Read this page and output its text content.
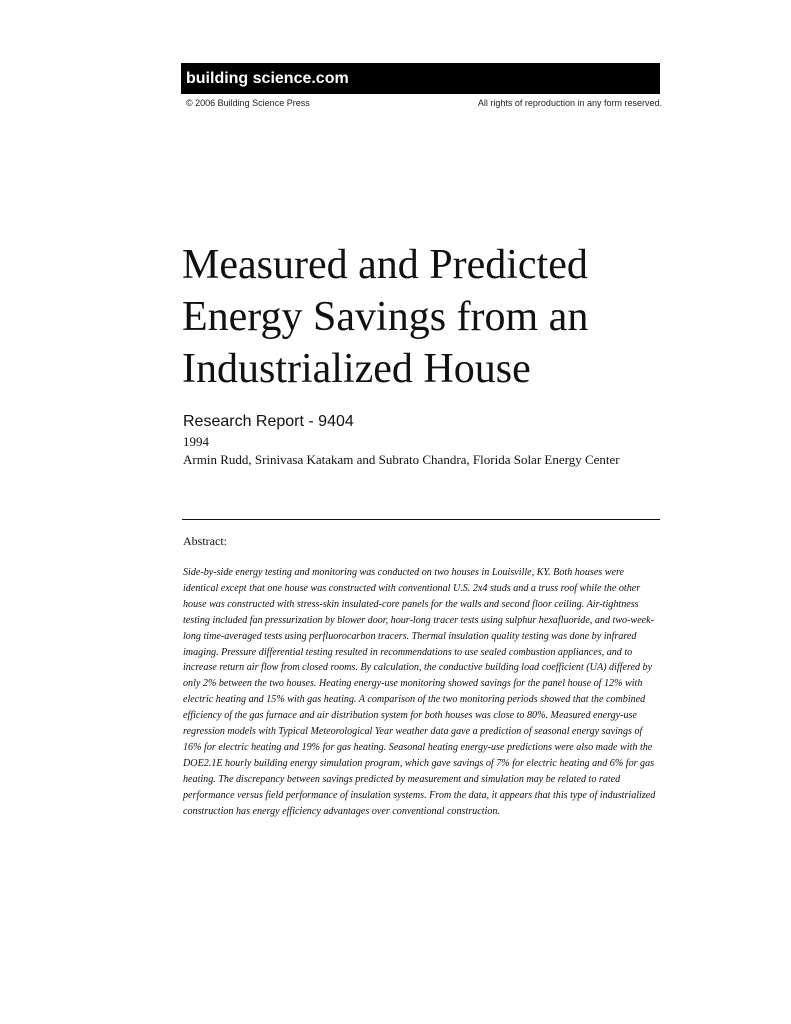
building science.com
© 2006 Building Science Press	All rights of reproduction in any form reserved.
Measured and Predicted Energy Savings from an Industrialized House
Research Report - 9404
1994
Armin Rudd, Srinivasa Katakam and Subrato Chandra, Florida Solar Energy Center
Abstract:

Side-by-side energy testing and monitoring was conducted on two houses in Louisville, KY. Both houses were identical except that one house was constructed with conventional U.S. 2x4 studs and a truss roof while the other house was constructed with stress-skin insulated-core panels for the walls and second floor ceiling. Air-tightness testing included fan pressurization by blower door, hour-long tracer tests using sulphur hexafluoride, and two-week-long time-averaged tests using perfluorocarbon tracers. Thermal insulation quality testing was done by infrared imaging. Pressure differential testing resulted in recommendations to use sealed combustion appliances, and to increase return air flow from closed rooms. By calculation, the conductive building load coefficient (UA) differed by only 2% between the two houses. Heating energy-use monitoring showed savings for the panel house of 12% with electric heating and 15% with gas heating. A comparison of the two monitoring periods showed that the combined efficiency of the gas furnace and air distribution system for both houses was close to 80%. Measured energy-use regression models with Typical Meteorological Year weather data gave a prediction of seasonal energy savings of 16% for electric heating and 19% for gas heating. Seasonal heating energy-use predictions were also made with the DOE2.1E hourly building energy simulation program, which gave savings of 7% for electric heating and 6% for gas heating. The discrepancy between savings predicted by measurement and simulation may be related to rated performance versus field performance of insulation systems. From the data, it appears that this type of industrialized construction has energy efficiency advantages over conventional construction.
